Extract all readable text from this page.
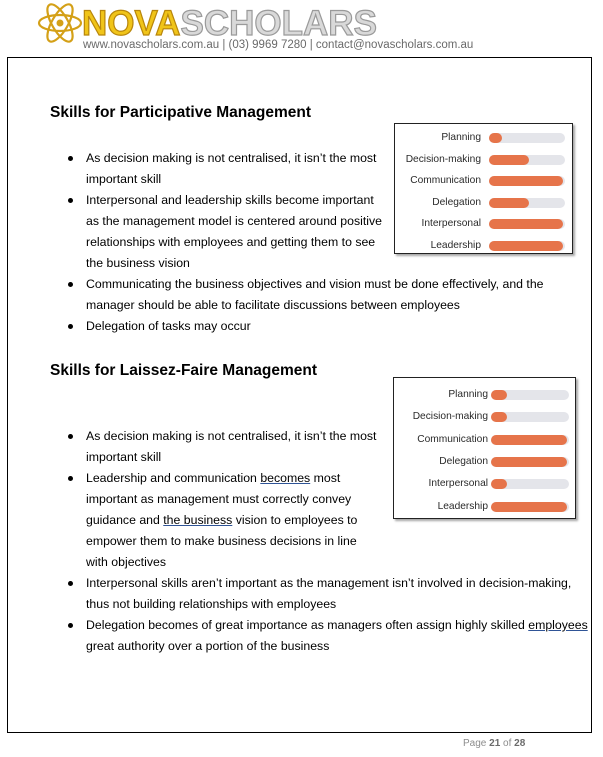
NOVASCHOLARS
www.novascholars.com.au | (03) 9969 7280 | contact@novascholars.com.au
Skills for Participative Management
Planning
Decision-making
Communication
Delegation
Interpersonal
Leadership
As decision making is not centralised, it isn’t the most important skill
Interpersonal and leadership skills become important as the management model is centered around positive relationships with employees and getting them to see the business vision
Communicating the business objectives and vision must be done effectively, and the manager should be able to facilitate discussions between employees
Delegation of tasks may occur
Skills for Laissez-Faire Management
Planning
Decision-making
Communication
Delegation
Interpersonal
Leadership
As decision making is not centralised, it isn’t the most important skill
Leadership and communication becomes most important as management must correctly convey guidance and the business vision to employees to empower them to make business decisions in line with objectives
Interpersonal skills aren’t important as the management isn’t involved in decision-making, thus not building relationships with employees
Delegation becomes of great importance as managers often assign highly skilled employees great authority over a portion of the business
Page 21 of 28
